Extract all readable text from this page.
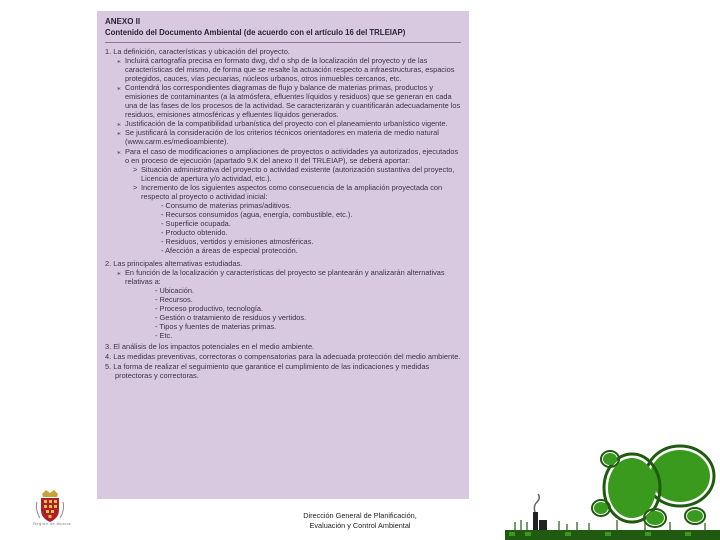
ANEXO II
Contenido del Documento Ambiental (de acuerdo con el artículo 16 del TRLEIAP)
1. La definición, características y ubicación del proyecto.
⁎ Incluirá cartografía precisa en formato dwg, dxf o shp de la localización del proyecto y de las características del mismo, de forma que se resalte la actuación respecto a infraestructuras, espacios protegidos, cauces, vías pecuarias, núcleos urbanos, otros inmuebles cercanos, etc.
⁎ Contendrá los correspondientes diagramas de flujo y balance de materias primas, productos y emisiones de contaminantes (a la atmósfera, efluentes líquidos y residuos) que se generan en cada una de las fases de los procesos de la actividad. Se caracterizarán y cuantificarán adecuadamente los residuos, emisiones atmosféricas y efluentes líquidos generados.
⁎ Justificación de la compatibilidad urbanística del proyecto con el planeamiento urbanístico vigente.
⁎ Se justificará la consideración de los criterios técnicos orientadores en materia de medio natural (www.carm.es/medioambiente).
⁎ Para el caso de modificaciones o ampliaciones de proyectos o actividades ya autorizados, ejecutados o en proceso de ejecución (apartado 9.K del anexo II del TRLEIAP), se deberá aportar:
> Situación administrativa del proyecto o actividad existente (autorización sustantiva del proyecto, Licencia de apertura y/o actividad, etc.).
> Incremento de los siguientes aspectos como consecuencia de la ampliación proyectada con respecto al proyecto o actividad inicial:
- Consumo de materias primas/aditivos.
- Recursos consumidos (agua, energía, combustible, etc.).
- Superficie ocupada.
- Producto obtenido.
- Residuos, vertidos y emisiones atmosféricas.
- Afección a áreas de especial protección.
2. Las principales alternativas estudiadas.
⁎ En función de la localización y características del proyecto se plantearán y analizarán alternativas relativas a:
- Ubicación.
- Recursos.
- Proceso productivo, tecnología.
- Gestión o tratamiento de residuos y vertidos.
- Tipos y fuentes de materias primas.
- Etc.
3. El análisis de los impactos potenciales en el medio ambiente.
4. Las medidas preventivas, correctoras o compensatorias para la adecuada protección del medio ambiente.
5. La forma de realizar el seguimiento que garantice el cumplimiento de las indicaciones y medidas protectoras y correctoras.
Región de Murcia
Dirección General de Planificación,
Evaluación y Control Ambiental
